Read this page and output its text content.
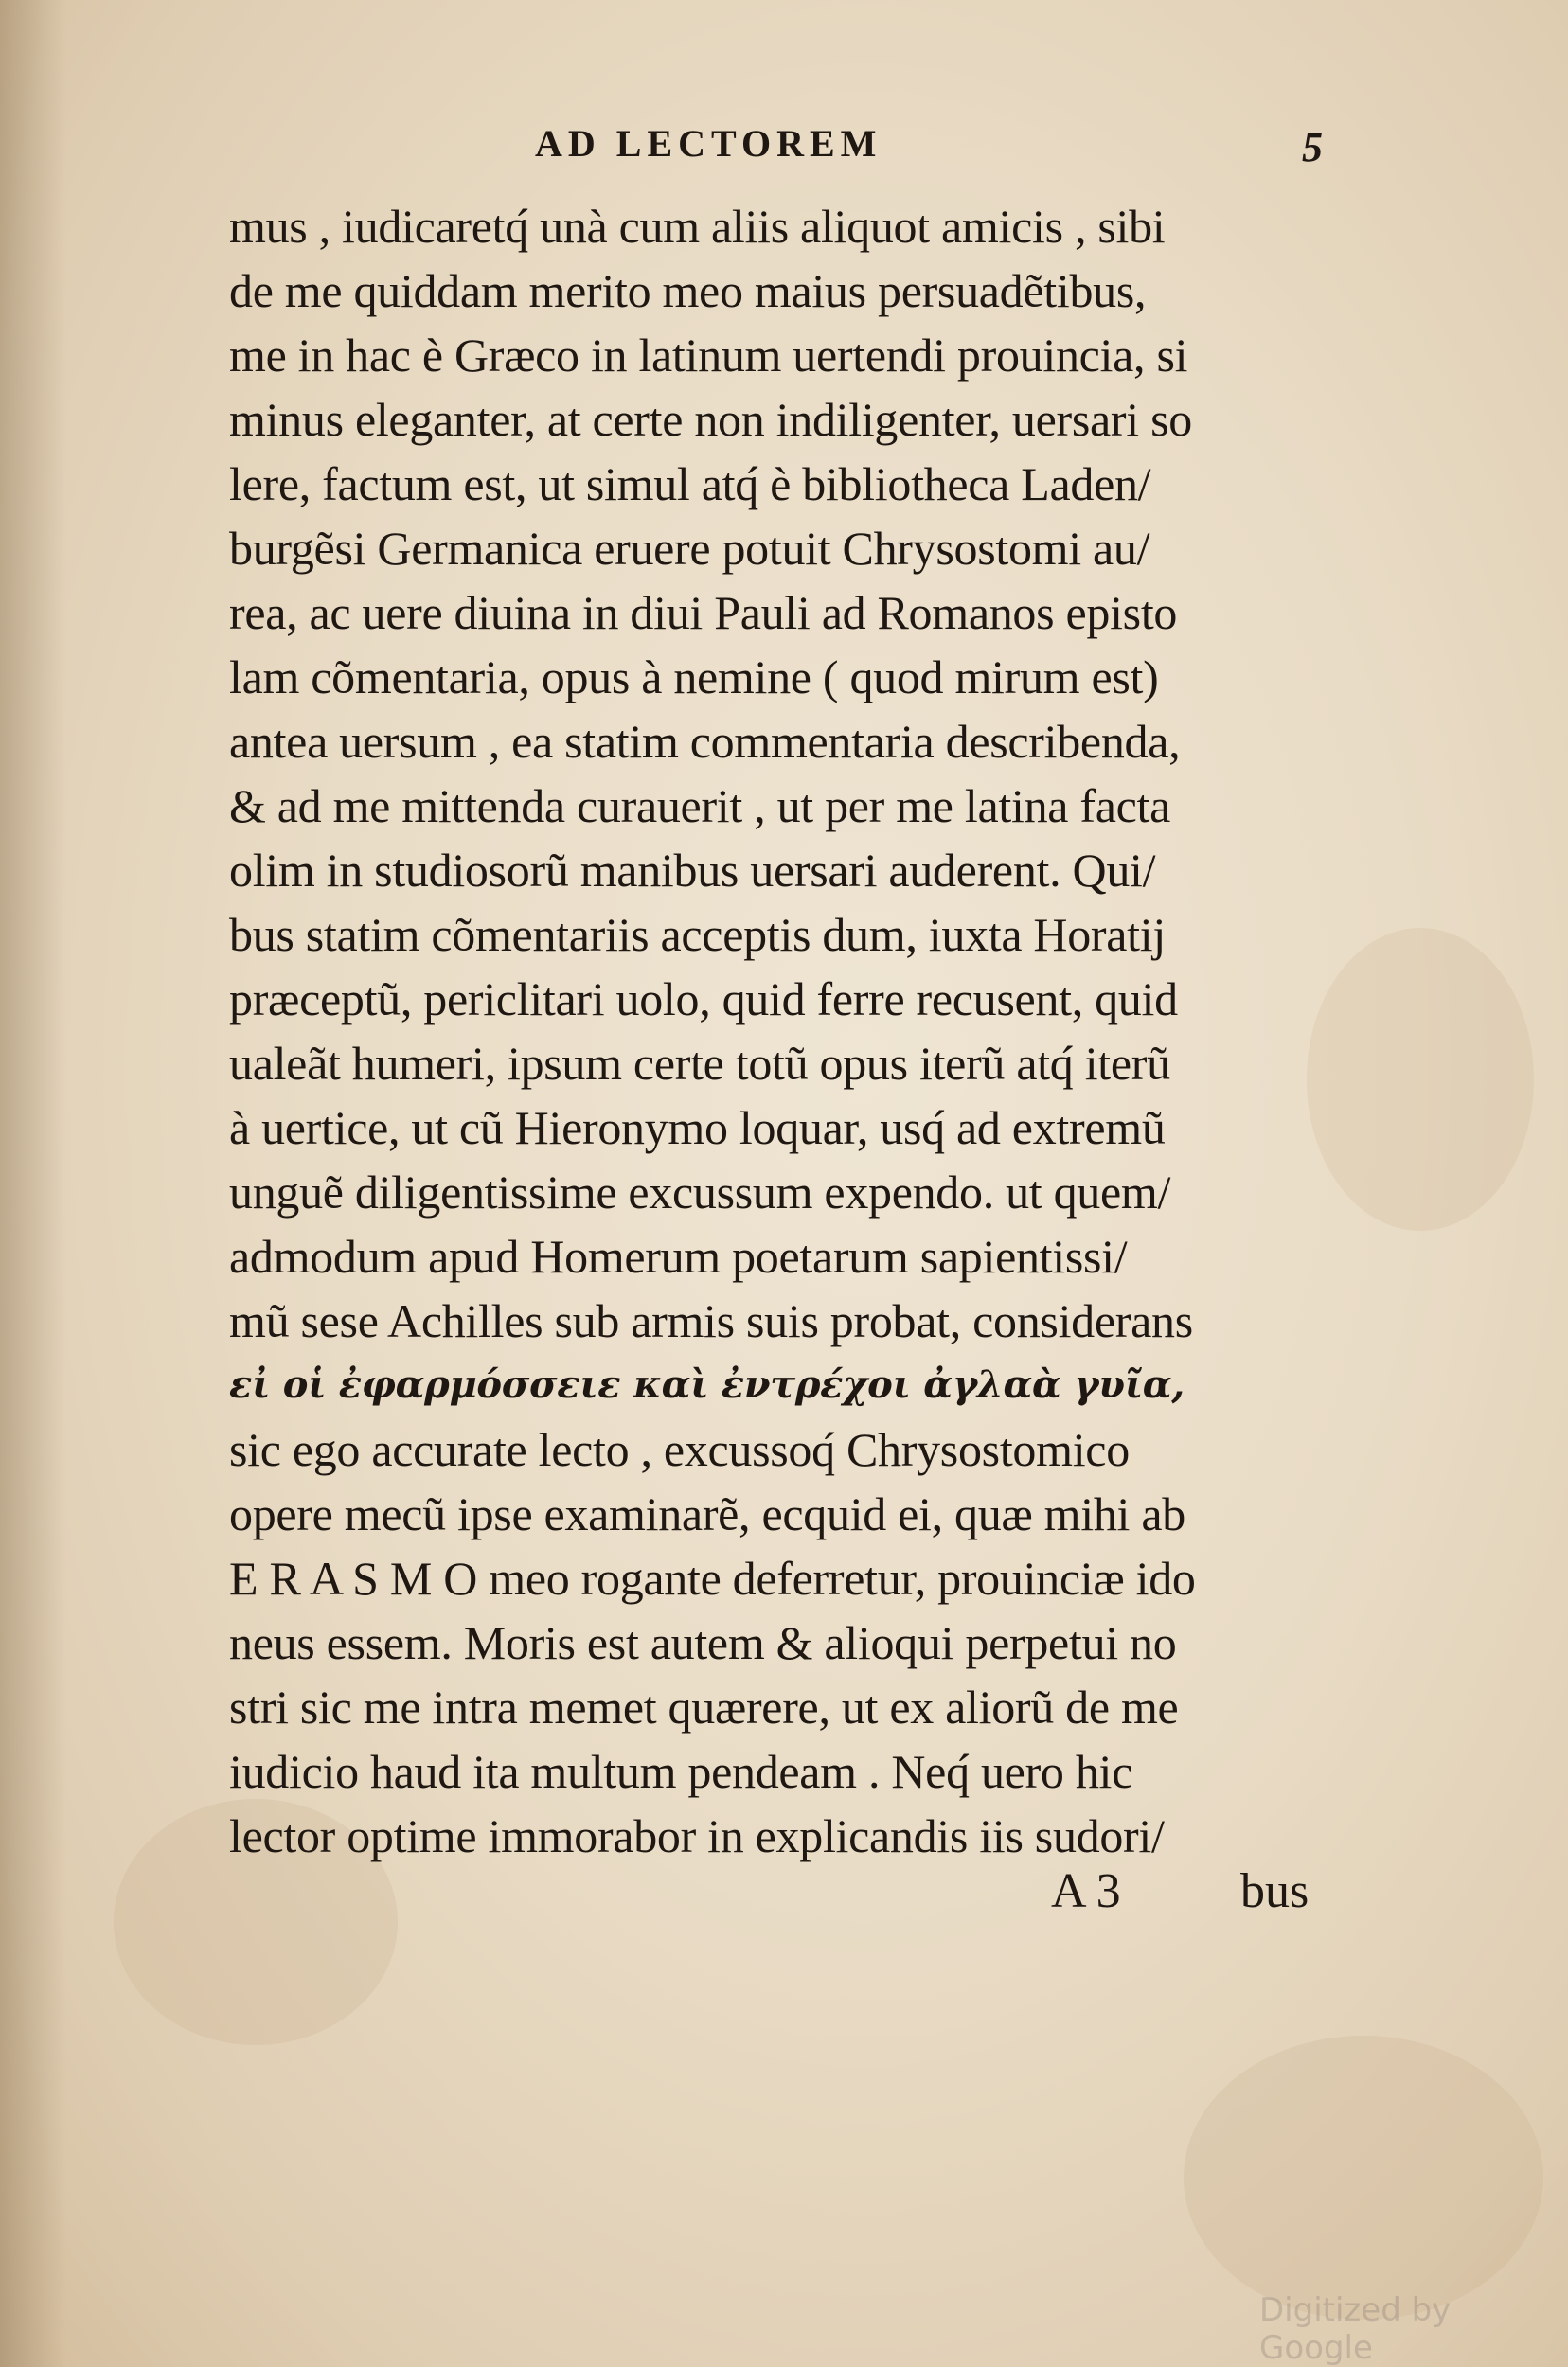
AD LECTOREM	5
mus , iudicaretq́ unà cum aliis aliquot amicis , sibi
de me quiddam merito meo maius persuadẽtibus,
me in hac è Græco in latinum uertendi prouincia, si
minus eleganter, at certe non indiligenter, uersari so
lere, factum est, ut simul atq́ è bibliotheca Laden/
burgẽsi Germanica eruere potuit Chrysostomi au/
rea, ac uere diuina in diui Pauli ad Romanos episto
lam cõmentaria, opus à nemine ( quod mirum est)
antea uersum , ea statim commentaria describenda,
& ad me mittenda curauerit , ut per me latina facta
olim in studiosorũ manibus uersari auderent. Qui/
bus statim cõmentariis acceptis dum, iuxta Horatij
præceptũ, periclitari uolo, quid ferre recusent, quid
ualeãt humeri, ipsum certe totũ opus iterũ atq́ iterũ
à uertice, ut cũ Hieronymo loquar, usq́ ad extremũ
unguẽ diligentissime excussum expendo. ut quem/
admodum apud Homerum poetarum sapientissi/
mũ sese Achilles sub armis suis probat, considerans
εἰ οἱ ἐφαρμόσσειε καὶ ἐντρέχοι ἀγλαὰ γυῖα,
sic ego accurate lecto , excussoq́ Chrysostomico
opere mecũ ipse examinarẽ, ecquid ei, quæ mihi ab
E R A S M O meo rogante deferretur, prouinciæ ido
neus essem. Moris est autem & alioqui perpetui no
stri sic me intra memet quærere, ut ex aliorũ de me
iudicio haud ita multum pendeam . Neq́ uero hic
lector optime immorabor in explicandis iis sudori/
A 3 bus
Digitized by Google
